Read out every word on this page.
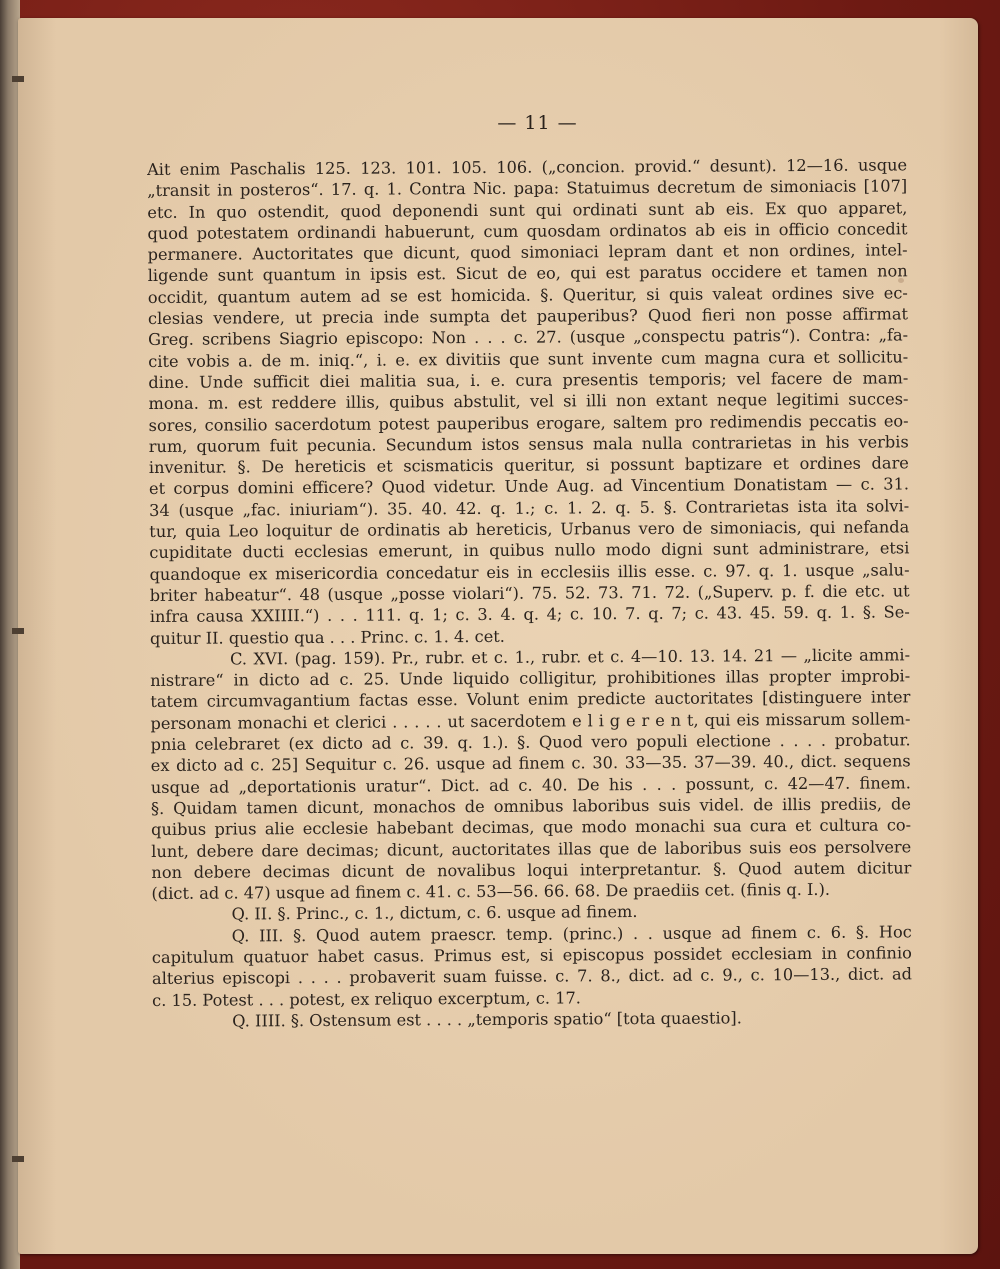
— 11 —
Ait enim Paschalis 125. 123. 101. 105. 106. („concion. provid.“ desunt). 12—16. usque
„transit in posteros“. 17. q. 1. Contra Nic. papa: Statuimus decretum de simoniacis [107]
etc. In quo ostendit, quod deponendi sunt qui ordinati sunt ab eis. Ex quo apparet,
quod potestatem ordinandi habuerunt, cum quosdam ordinatos ab eis in officio concedit
permanere. Auctoritates que dicunt, quod simoniaci lepram dant et non ordines, intel-
ligende sunt quantum in ipsis est. Sicut de eo, qui est paratus occidere et tamen non
occidit, quantum autem ad se est homicida. §. Queritur, si quis valeat ordines sive ec-
clesias vendere, ut precia inde sumpta det pauperibus? Quod fieri non posse affirmat
Greg. scribens Siagrio episcopo: Non . . . c. 27. (usque „conspectu patris“). Contra: „fa-
cite vobis a. de m. iniq.“, i. e. ex divitiis que sunt invente cum magna cura et sollicitu-
dine. Unde sufficit diei malitia sua, i. e. cura presentis temporis; vel facere de mam-
mona. m. est reddere illis, quibus abstulit, vel si illi non extant neque legitimi succes-
sores, consilio sacerdotum potest pauperibus erogare, saltem pro redimendis peccatis eo-
rum, quorum fuit pecunia. Secundum istos sensus mala nulla contrarietas in his verbis
invenitur. §. De hereticis et scismaticis queritur, si possunt baptizare et ordines dare
et corpus domini efficere? Quod videtur. Unde Aug. ad Vincentium Donatistam — c. 31.
34 (usque „fac. iniuriam“). 35. 40. 42. q. 1.; c. 1. 2. q. 5. §. Contrarietas ista ita solvi-
tur, quia Leo loquitur de ordinatis ab hereticis, Urbanus vero de simoniacis, qui nefanda
cupiditate ducti ecclesias emerunt, in quibus nullo modo digni sunt administrare, etsi
quandoque ex misericordia concedatur eis in ecclesiis illis esse. c. 97. q. 1. usque „salu-
briter habeatur“. 48 (usque „posse violari“). 75. 52. 73. 71. 72. („Superv. p. f. die etc. ut
infra causa XXIIII.“) . . . 111. q. 1; c. 3. 4. q. 4; c. 10. 7. q. 7; c. 43. 45. 59. q. 1. §. Se-
quitur II. questio qua . . . Princ. c. 1. 4. cet.
C. XVI. (pag. 159). Pr., rubr. et c. 1., rubr. et c. 4—10. 13. 14. 21 — „licite ammi-
nistrare“ in dicto ad c. 25. Unde liquido colligitur, prohibitiones illas propter improbi-
tatem circumvagantium factas esse. Volunt enim predicte auctoritates [distinguere inter
personam monachi et clerici . . . . . ut sacerdotem e l i g e r e n t, qui eis missarum sollem-
pnia celebraret (ex dicto ad c. 39. q. 1.). §. Quod vero populi electione . . . . probatur.
ex dicto ad c. 25] Sequitur c. 26. usque ad finem c. 30. 33—35. 37—39. 40., dict. sequens
usque ad „deportationis uratur“. Dict. ad c. 40. De his . . . possunt, c. 42—47. finem.
§. Quidam tamen dicunt, monachos de omnibus laboribus suis videl. de illis prediis, de
quibus prius alie ecclesie habebant decimas, que modo monachi sua cura et cultura co-
lunt, debere dare decimas; dicunt, auctoritates illas que de laboribus suis eos persolvere
non debere decimas dicunt de novalibus loqui interpretantur. §. Quod autem dicitur
(dict. ad c. 47) usque ad finem c. 41. c. 53—56. 66. 68. De praediis cet. (finis q. I.).
Q. II. §. Princ., c. 1., dictum, c. 6. usque ad finem.
Q. III. §. Quod autem praescr. temp. (princ.) . . usque ad finem c. 6. §. Hoc
capitulum quatuor habet casus. Primus est, si episcopus possidet ecclesiam in confinio
alterius episcopi . . . . probaverit suam fuisse. c. 7. 8., dict. ad c. 9., c. 10—13., dict. ad
c. 15. Potest . . . potest, ex reliquo excerptum, c. 17.
Q. IIII. §. Ostensum est . . . . „temporis spatio“ [tota quaestio].
